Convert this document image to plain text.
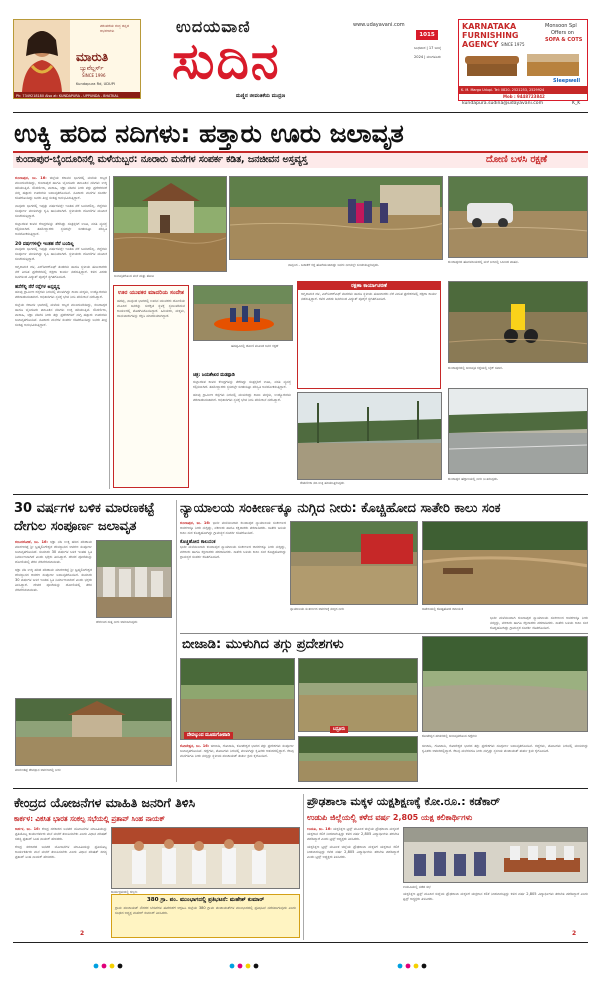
ಮಾರುತಿ
ಜ್ಯುವೆಲ್ಲರ್ಸ್
SINCE 1996
ಪರಂಪರೆಯ ಶುದ್ಧ ಚಿನ್ನದ ಆಭರಣಗಳು
Kundapura Rd, UDUPI
Ph: 7349218180 Also at: KUNDAPURA - UPPUNDA - BHATKAL
ಉದಯವಾಣಿ	www.udayavani.com
ಸುದಿನ	1015
ಬುಧವಾರ | 17 ಜುಲೈ 2024 | ಮಂಗಳೂರು
ಮಣ್ಣಿನ ಜೀವಂತಿಕೆಯ ಮುದ್ರಣ
kundapura.sudina@udayavani.com	K_K
KARNATAKA
FURNISHING
AGENCY SINCE 1975
Monsoon Spl
Offers on
SOFA & COTS
Sleepwell
K. M. Marga Udupi. Tel: 0820- 2521253, 2529924
Mob : 9448723842
ಉಕ್ಕಿ ಹರಿದ ನದಿಗಳು: ಹತ್ತಾರು ಊರು ಜಲಾವೃತ
ಕುಂದಾಪುರ-ಬೈಂದೂರಿನಲ್ಲಿ ಮಳೆಯಬ್ಬರ: ನೂರಾರು ಮನೆಗಳ ಸಂಪರ್ಕ ಕಡಿತ, ಜನಜೀವನ ಅಸ್ತವ್ಯಸ್ತ	ದೋಣಿ ಬಳಸಿ ರಕ್ಷಣೆ
ಕುಂದಾಪುರ, ಜು. 16: ಜಿಲ್ಲೆಯ ಕರಾವಳಿ ಭಾಗದಲ್ಲಿ ಮಳೆಯ ಅಬ್ಬರ ಮುಂದುವರಿದಿದ್ದು, ಕುಂದಾಪುರ ಹಾಗೂ ಬೈಂದೂರು ತಾಲೂಕಿನ ನದಿಗಳು ಉಕ್ಕಿ ಹರಿಯುತ್ತಿವೆ. ಸೌಪರ್ಣಿಕಾ, ವಾರಾಹಿ, ಚಕ್ರಾ ನದಿಗಳ ನೀರು ತಗ್ಗು ಪ್ರದೇಶಗಳಿಗೆ ನುಗ್ಗಿ ಹತ್ತಾರು ಊರುಗಳು ಜಲಾವೃತಗೊಂಡಿವೆ. ನೂರಾರು ಮನೆಗಳ ಸಂಪರ್ಕ ಕಡಿತಗೊಂಡಿದ್ದು ಜನರು ತೀವ್ರ ಸಂಕಷ್ಟ ಅನುಭವಿಸುತ್ತಿದ್ದಾರೆ.
ನಾವೂರು ಭಾಗದಲ್ಲಿ ಇಪ್ಪತ್ತು ವರ್ಷಗಳಲ್ಲೇ ಇಂತಹ ನೆರೆ ಬಂದಿರಲಿಲ್ಲ. ಗದ್ದೆಗಳು ಸಂಪೂರ್ಣ ಮುಳುಗಿದ್ದು ಕೃಷಿ ಹಾನಿಯಾಗಿದೆ. ಸ್ಥಳೀಯರು ದೋಣಿಗಳ ಮೂಲಕ ಸಂಚರಿಸುತ್ತಿದ್ದಾರೆ.
ಜಿಲ್ಲಾಡಳಿತ ಕಾಳಜಿ ಕೇಂದ್ರಗಳನ್ನು ತೆರೆದಿದ್ದು ಸಂತ್ರಸ್ತರಿಗೆ ಊಟ, ವಸತಿ ವ್ಯವಸ್ಥೆ ಕಲ್ಪಿಸಲಾಗಿದೆ. ತಹಶೀಲ್ದಾರರು ಸ್ಥಳದಲ್ಲೇ ಬೀಡುಬಿಟ್ಟು ಪರಿಸ್ಥಿತಿ ಅವಲೋಕಿಸುತ್ತಿದ್ದಾರೆ.
20 ವರ್ಷಗಳಲ್ಲೇ ಇಂತಹ ನೆರೆ ಬಂದಿಲ್ಲ
ನಾವೂರು ಭಾಗದಲ್ಲಿ ಇಪ್ಪತ್ತು ವರ್ಷಗಳಲ್ಲೇ ಇಂತಹ ನೆರೆ ಬಂದಿರಲಿಲ್ಲ. ಗದ್ದೆಗಳು ಸಂಪೂರ್ಣ ಮುಳುಗಿದ್ದು ಕೃಷಿ ಹಾನಿಯಾಗಿದೆ. ಸ್ಥಳೀಯರು ದೋಣಿಗಳ ಮೂಲಕ ಸಂಚರಿಸುತ್ತಿದ್ದಾರೆ.
ಅಗ್ನಿಶಾಮಕ ದಳ, ಎಸ್‌ಡಿಆರ್‌ಎಫ್ ತಂಡಗಳು ಹಾಗೂ ಸ್ಥಳೀಯ ಈಜುಗಾರರು ನೆರೆ ಪೀಡಿತ ಪ್ರದೇಶಗಳಲ್ಲಿ ರಕ್ಷಣಾ ಕಾರ್ಯ ನಡೆಸುತ್ತಿದ್ದಾರೆ. ಕಳೆದ ಎರಡು ದಿನಗಳಿಂದ ವಿದ್ಯುತ್ ಪೂರೈಕೆ ಸ್ಥಗಿತಗೊಂಡಿದೆ.
ಹಸೆಗೆಲ್ಲಿ ನೆರೆ ರಸ್ತೆಗಳ ಅಸ್ತವ್ಯಸ್ತ
ಹಲವು ಗ್ರಾಮೀಣ ರಸ್ತೆಗಳು ನೀರಿನಲ್ಲಿ ಮುಳುಗಿದ್ದು ಶಾಲಾ ಮಕ್ಕಳು, ಉದ್ಯೋಗಿಗಳು ಪರದಾಡುವಂತಾಗಿದೆ. ಅಧಿಕಾರಿಗಳು ಸ್ಥಳಕ್ಕೆ ಭೇಟಿ ನೀಡಿ ಪರಿಶೀಲನೆ ನಡೆಸಿದ್ದಾರೆ.
ಜಿಲ್ಲೆಯ ಕರಾವಳಿ ಭಾಗದಲ್ಲಿ ಮಳೆಯ ಅಬ್ಬರ ಮುಂದುವರಿದಿದ್ದು, ಕುಂದಾಪುರ ಹಾಗೂ ಬೈಂದೂರು ತಾಲೂಕಿನ ನದಿಗಳು ಉಕ್ಕಿ ಹರಿಯುತ್ತಿವೆ. ಸೌಪರ್ಣಿಕಾ, ವಾರಾಹಿ, ಚಕ್ರಾ ನದಿಗಳ ನೀರು ತಗ್ಗು ಪ್ರದೇಶಗಳಿಗೆ ನುಗ್ಗಿ ಹತ್ತಾರು ಊರುಗಳು ಜಲಾವೃತಗೊಂಡಿವೆ. ನೂರಾರು ಮನೆಗಳ ಸಂಪರ್ಕ ಕಡಿತಗೊಂಡಿದ್ದು ಜನರು ತೀವ್ರ ಸಂಕಷ್ಟ ಅನುಭವಿಸುತ್ತಿದ್ದಾರೆ.
ಜಲಾವೃತಗೊಂಡ ಮನೆ ಮತ್ತು ತೋಟ
ನಾವುಂದ - ಬಡಾಕೆರೆ ರಸ್ತೆ ಹೊಳೆಯಂತಾಗಿದ್ದು ಜನರು ನೀರಿನಲ್ಲೇ ಸಂಚರಿಸುತ್ತಿರುವುದು.
ಊರ ಯುವಕರ ಮಾದರಿಯ ಸಂದೇಶ
ಹಡವು, ನಾವುಂದ ಭಾಗದಲ್ಲಿ ಊರಿನ ಯುವಕರು ದೋಣಿಯ ಮೂಲಕ ಜನರನ್ನು ಸುರಕ್ಷಿತ ಸ್ಥಳಕ್ಕೆ ಸ್ಥಳಾಂತರಿಸುವ ಕಾರ್ಯದಲ್ಲಿ ತೊಡಗಿಸಿಕೊಂಡಿದ್ದಾರೆ. ಹಿರಿಯರು, ಮಕ್ಕಳು, ಜಾನುವಾರುಗಳನ್ನು ರಕ್ಷಿಸಿ ಮಾದರಿಯಾಗಿದ್ದಾರೆ.
ಹಡವುವಿನಲ್ಲಿ ದೋಣಿ ಮೂಲಕ ಜನರ ರಕ್ಷಣೆ
ರಕ್ಷಣಾ ಕಾರ್ಯಾಚರಣೆ
ಅಗ್ನಿಶಾಮಕ ದಳ, ಎಸ್‌ಡಿಆರ್‌ಎಫ್ ತಂಡಗಳು ಹಾಗೂ ಸ್ಥಳೀಯ ಈಜುಗಾರರು ನೆರೆ ಪೀಡಿತ ಪ್ರದೇಶಗಳಲ್ಲಿ ರಕ್ಷಣಾ ಕಾರ್ಯ ನಡೆಸುತ್ತಿದ್ದಾರೆ. ಕಳೆದ ಎರಡು ದಿನಗಳಿಂದ ವಿದ್ಯುತ್ ಪೂರೈಕೆ ಸ್ಥಗಿತಗೊಂಡಿದೆ.
ಚಿತ್ರ: ಜಯಶೇಖರ ಮಡಪ್ಪಾಡಿ
ಜಿಲ್ಲಾಡಳಿತ ಕಾಳಜಿ ಕೇಂದ್ರಗಳನ್ನು ತೆರೆದಿದ್ದು ಸಂತ್ರಸ್ತರಿಗೆ ಊಟ, ವಸತಿ ವ್ಯವಸ್ಥೆ ಕಲ್ಪಿಸಲಾಗಿದೆ. ತಹಶೀಲ್ದಾರರು ಸ್ಥಳದಲ್ಲೇ ಬೀಡುಬಿಟ್ಟು ಪರಿಸ್ಥಿತಿ ಅವಲೋಕಿಸುತ್ತಿದ್ದಾರೆ.
ಹಲವು ಗ್ರಾಮೀಣ ರಸ್ತೆಗಳು ನೀರಿನಲ್ಲಿ ಮುಳುಗಿದ್ದು ಶಾಲಾ ಮಕ್ಕಳು, ಉದ್ಯೋಗಿಗಳು ಪರದಾಡುವಂತಾಗಿದೆ. ಅಧಿಕಾರಿಗಳು ಸ್ಥಳಕ್ಕೆ ಭೇಟಿ ನೀಡಿ ಪರಿಶೀಲನೆ ನಡೆಸಿದ್ದಾರೆ.
ಸೌಪರ್ಣಿಕಾ ನದಿ ಉಕ್ಕಿ ಹರಿಯುತ್ತಿರುವುದು
ಕುಂದಾಪುರದ ಹೊರವಲಯದಲ್ಲಿ ಮಳೆ ನೀರಿನಲ್ಲಿ ಸಿಲುಕಿದ ವಾಹನ.
ಕುಂದಾಪುರದಲ್ಲಿ ಜಲಾವೃತ ರಸ್ತೆಯಲ್ಲಿ ಬೈಕ್ ಸವಾರ.
ಕುಂದಾಪುರ ಹೆದ್ದಾರಿಯಲ್ಲಿ ನೀರು ನಿಂತಿರುವುದು.
30 ವರ್ಷಗಳ ಬಳಿಕ ಮಾರಣಕಟ್ಟೆ
ದೇಗುಲ ಸಂಪೂರ್ಣ ಜಲಾವೃತ
ಕಂಬದಕೋಣೆ, ಜು. 16: ಚಕ್ರಾ ನದಿ ಉಕ್ಕಿ ಹರಿದ ಪರಿಣಾಮ ಮಾರಣಕಟ್ಟೆ ಶ್ರೀ ಬ್ರಹ್ಮಲಿಂಗೇಶ್ವರ ದೇವಸ್ಥಾನದ ಆವರಣ ಸಂಪೂರ್ಣ ಜಲಾವೃತಗೊಂಡಿದೆ. ಸುಮಾರು 30 ವರ್ಷಗಳ ಬಳಿಕ ಇಂತಹ ಸ್ಥಿತಿ ನಿರ್ಮಾಣವಾಗಿದೆ ಎಂದು ಭಕ್ತರು ತಿಳಿಸಿದ್ದಾರೆ. ದೇವರ ಪೂಜೆಯನ್ನು ದೋಣಿಯಲ್ಲಿ ತೆರಳಿ ನೆರವೇರಿಸಲಾಯಿತು.
ಚಕ್ರಾ ನದಿ ಉಕ್ಕಿ ಹರಿದ ಪರಿಣಾಮ ಮಾರಣಕಟ್ಟೆ ಶ್ರೀ ಬ್ರಹ್ಮಲಿಂಗೇಶ್ವರ ದೇವಸ್ಥಾನದ ಆವರಣ ಸಂಪೂರ್ಣ ಜಲಾವೃತಗೊಂಡಿದೆ. ಸುಮಾರು 30 ವರ್ಷಗಳ ಬಳಿಕ ಇಂತಹ ಸ್ಥಿತಿ ನಿರ್ಮಾಣವಾಗಿದೆ ಎಂದು ಭಕ್ತರು ತಿಳಿಸಿದ್ದಾರೆ. ದೇವರ ಪೂಜೆಯನ್ನು ದೋಣಿಯಲ್ಲಿ ತೆರಳಿ ನೆರವೇರಿಸಲಾಯಿತು.
ದೇಗುಲದ ಸುತ್ತ ನೀರು ಆವರಿಸಿರುವುದು
ಮಾರಣಕಟ್ಟೆ ದೇವಸ್ಥಾನ ಆವರಣದಲ್ಲಿ ನೀರು
ನ್ಯಾಯಾಲಯ ಸಂಕೀರ್ಣಕ್ಕೂ ನುಗ್ಗಿದ ನೀರು: ಕೊಚ್ಚಿಹೋದ ಸಾತೇರಿ ಕಾಲು ಸಂಕ
ಕುಂದಾಪುರ, ಜು. 16: ಭಾರೀ ಮಳೆಯಿಂದಾಗಿ ಕುಂದಾಪುರ ನ್ಯಾಯಾಲಯ ಸಂಕೀರ್ಣದ ಆವರಣಕ್ಕೂ ನೀರು ನುಗ್ಗಿದ್ದು, ವಕೀಲರು ಹಾಗೂ ಕಕ್ಷಿದಾರರು ಪರದಾಡಿದರು. ಸಾತೇರಿ ಬಳಿಯ ಕಾಲು ಸಂಕ ಕೊಚ್ಚಿಹೋಗಿದ್ದು ಗ್ರಾಮಸ್ಥರ ಸಂಪರ್ಕ ಕಡಿತಗೊಂಡಿದೆ.
ಕೊಚ್ಚಿಹೋದ ಕಾಲುಸಂಕ
ಭಾರೀ ಮಳೆಯಿಂದಾಗಿ ಕುಂದಾಪುರ ನ್ಯಾಯಾಲಯ ಸಂಕೀರ್ಣದ ಆವರಣಕ್ಕೂ ನೀರು ನುಗ್ಗಿದ್ದು, ವಕೀಲರು ಹಾಗೂ ಕಕ್ಷಿದಾರರು ಪರದಾಡಿದರು. ಸಾತೇರಿ ಬಳಿಯ ಕಾಲು ಸಂಕ ಕೊಚ್ಚಿಹೋಗಿದ್ದು ಗ್ರಾಮಸ್ಥರ ಸಂಪರ್ಕ ಕಡಿತಗೊಂಡಿದೆ.
ನ್ಯಾಯಾಲಯ ಸಂಕೀರ್ಣದ ಆವರಣಕ್ಕೆ ನುಗ್ಗಿದ ನೀರು	ಸಾತೇರಿಯಲ್ಲಿ ಕೊಚ್ಚಿಹೋದ ಕಾಲುಸಂಕ
ಭಾರೀ ಮಳೆಯಿಂದಾಗಿ ಕುಂದಾಪುರ ನ್ಯಾಯಾಲಯ ಸಂಕೀರ್ಣದ ಆವರಣಕ್ಕೂ ನೀರು ನುಗ್ಗಿದ್ದು, ವಕೀಲರು ಹಾಗೂ ಕಕ್ಷಿದಾರರು ಪರದಾಡಿದರು. ಸಾತೇರಿ ಬಳಿಯ ಕಾಲು ಸಂಕ ಕೊಚ್ಚಿಹೋಗಿದ್ದು ಗ್ರಾಮಸ್ಥರ ಸಂಪರ್ಕ ಕಡಿತಗೊಂಡಿದೆ.
ಬೀಜಾಡಿ: ಮುಳುಗಿದ ತಗ್ಗು ಪ್ರದೇಶಗಳು
ದೇವಲ್ಕುಂದ ಮೂಡುಗೋಪಾಡಿ
ಬಸ್ರೂರು
ಕೋಟೇಶ್ವರ, ಜು. 16: ಬೀಜಾಡಿ, ಗೋಪಾಡಿ, ಕೋಟೇಶ್ವರ ಭಾಗದ ತಗ್ಗು ಪ್ರದೇಶಗಳು ಸಂಪೂರ್ಣ ಜಲಾವೃತಗೊಂಡಿವೆ. ಗದ್ದೆಗಳು, ತೋಟಗಳು ನೀರಿನಲ್ಲಿ ಮುಳುಗಿದ್ದು ಕೃಷಿಕರು ಆತಂಕದಲ್ಲಿದ್ದಾರೆ. ಕೆಲವು ಮನೆಗಳಿಗೂ ನೀರು ನುಗ್ಗಿದ್ದು ಸ್ಥಳೀಯ ಪಂಚಾಯತ್ ತುರ್ತು ಕ್ರಮ ಕೈಗೊಂಡಿದೆ.
ಕೋಟೇಶ್ವರ ಪರಿಸರದಲ್ಲಿ ಜಲಾವೃತಗೊಂಡ ಗದ್ದೆಗಳು
ಬೀಜಾಡಿ, ಗೋಪಾಡಿ, ಕೋಟೇಶ್ವರ ಭಾಗದ ತಗ್ಗು ಪ್ರದೇಶಗಳು ಸಂಪೂರ್ಣ ಜಲಾವೃತಗೊಂಡಿವೆ. ಗದ್ದೆಗಳು, ತೋಟಗಳು ನೀರಿನಲ್ಲಿ ಮುಳುಗಿದ್ದು ಕೃಷಿಕರು ಆತಂಕದಲ್ಲಿದ್ದಾರೆ. ಕೆಲವು ಮನೆಗಳಿಗೂ ನೀರು ನುಗ್ಗಿದ್ದು ಸ್ಥಳೀಯ ಪಂಚಾಯತ್ ತುರ್ತು ಕ್ರಮ ಕೈಗೊಂಡಿದೆ.
ಕೇಂದ್ರದ ಯೋಜನೆಗಳ ಮಾಹಿತಿ ಜನರಿಗೆ ತಿಳಿಸಿ
ಕಾರ್ಕಳ: ವಿಕಸಿತ ಭಾರತ ಸಂಕಲ್ಪ ಸಭೆಯಲ್ಲಿ ಪ್ರತಾಪ್ ಸಿಂಹ ನಾಯಕ್
ಕಾರ್ಕಳ, ಜು. 16: ಕೇಂದ್ರ ಸರಕಾರದ ಜನಪರ ಯೋಜನೆಗಳ ಮಾಹಿತಿಯನ್ನು ಪ್ರತಿಯೊಬ್ಬ ಕಾರ್ಯಕರ್ತರು ಮನೆ ಮನೆಗೆ ತಲುಪಿಸಬೇಕು ಎಂದು ವಿಧಾನ ಪರಿಷತ್ ಸದಸ್ಯ ಪ್ರತಾಪ್ ಸಿಂಹ ನಾಯಕ್ ಹೇಳಿದರು.
ಕೇಂದ್ರ ಸರಕಾರದ ಜನಪರ ಯೋಜನೆಗಳ ಮಾಹಿತಿಯನ್ನು ಪ್ರತಿಯೊಬ್ಬ ಕಾರ್ಯಕರ್ತರು ಮನೆ ಮನೆಗೆ ತಲುಪಿಸಬೇಕು ಎಂದು ವಿಧಾನ ಪರಿಷತ್ ಸದಸ್ಯ ಪ್ರತಾಪ್ ಸಿಂಹ ನಾಯಕ್ ಹೇಳಿದರು.
ಕಾರ್ಯಕ್ರಮದಲ್ಲಿ ಗಣ್ಯರು
380 ಗ್ರಾ. ಪಂ. ಮುಂಭಾಗದಲ್ಲಿ ಪ್ರತಿಭಟನೆ: ಮಹೇಶ್ ಕುಮಾರ್
ಗ್ರಾಮ ಪಂಚಾಯತ್ ನೌಕರರ ಬೇಡಿಕೆಗಳ ಈಡೇರಿಕೆಗೆ ಆಗ್ರಹಿಸಿ ಜಿಲ್ಲೆಯ 380 ಗ್ರಾಮ ಪಂಚಾಯತ್‌ಗಳ ಮುಂಭಾಗದಲ್ಲಿ ಪ್ರತಿಭಟನೆ ನಡೆಸಲಾಗುವುದು ಎಂದು ಸಂಘದ ಅಧ್ಯಕ್ಷ ಮಹೇಶ್ ಕುಮಾರ್ ತಿಳಿಸಿದರು.
ಪ್ರೌಢಶಾಲಾ ಮಕ್ಕಳ ಯಕ್ಷಶಿಕ್ಷಣಕ್ಕೆ ಕೋ.ರೂ.: ಕಡೆಕಾರ್
ಉಡುಪಿ ಜಿಲ್ಲೆಯಲ್ಲಿ ಕಳೆದ ವರ್ಷ 2,805 ಯಕ್ಷ ಕಲಿಕಾರ್ಥಿಗಳು
ಉಡುಪಿ, ಜು. 16: ಯಕ್ಷಶಿಕ್ಷಣ ಟ್ರಸ್ಟ್ ಮೂಲಕ ಜಿಲ್ಲೆಯ ಪ್ರೌಢಶಾಲಾ ಮಕ್ಕಳಿಗೆ ಯಕ್ಷಗಾನ ಕಲಿಕೆ ನೀಡಲಾಗುತ್ತಿದ್ದು ಕಳೆದ ವರ್ಷ 2,805 ವಿದ್ಯಾರ್ಥಿಗಳು ತರಬೇತಿ ಪಡೆದಿದ್ದಾರೆ ಎಂದು ಟ್ರಸ್ಟ್ ಅಧ್ಯಕ್ಷರು ತಿಳಿಸಿದರು.
ಯಕ್ಷಶಿಕ್ಷಣ ಟ್ರಸ್ಟ್ ಮೂಲಕ ಜಿಲ್ಲೆಯ ಪ್ರೌಢಶಾಲಾ ಮಕ್ಕಳಿಗೆ ಯಕ್ಷಗಾನ ಕಲಿಕೆ ನೀಡಲಾಗುತ್ತಿದ್ದು ಕಳೆದ ವರ್ಷ 2,805 ವಿದ್ಯಾರ್ಥಿಗಳು ತರಬೇತಿ ಪಡೆದಿದ್ದಾರೆ ಎಂದು ಟ್ರಸ್ಟ್ ಅಧ್ಯಕ್ಷರು ತಿಳಿಸಿದರು.
ಉಡುಪಿಯಲ್ಲಿ ನಡೆದ ಸಭೆ
ಯಕ್ಷಶಿಕ್ಷಣ ಟ್ರಸ್ಟ್ ಮೂಲಕ ಜಿಲ್ಲೆಯ ಪ್ರೌಢಶಾಲಾ ಮಕ್ಕಳಿಗೆ ಯಕ್ಷಗಾನ ಕಲಿಕೆ ನೀಡಲಾಗುತ್ತಿದ್ದು ಕಳೆದ ವರ್ಷ 2,805 ವಿದ್ಯಾರ್ಥಿಗಳು ತರಬೇತಿ ಪಡೆದಿದ್ದಾರೆ ಎಂದು ಟ್ರಸ್ಟ್ ಅಧ್ಯಕ್ಷರು ತಿಳಿಸಿದರು.
2	2
